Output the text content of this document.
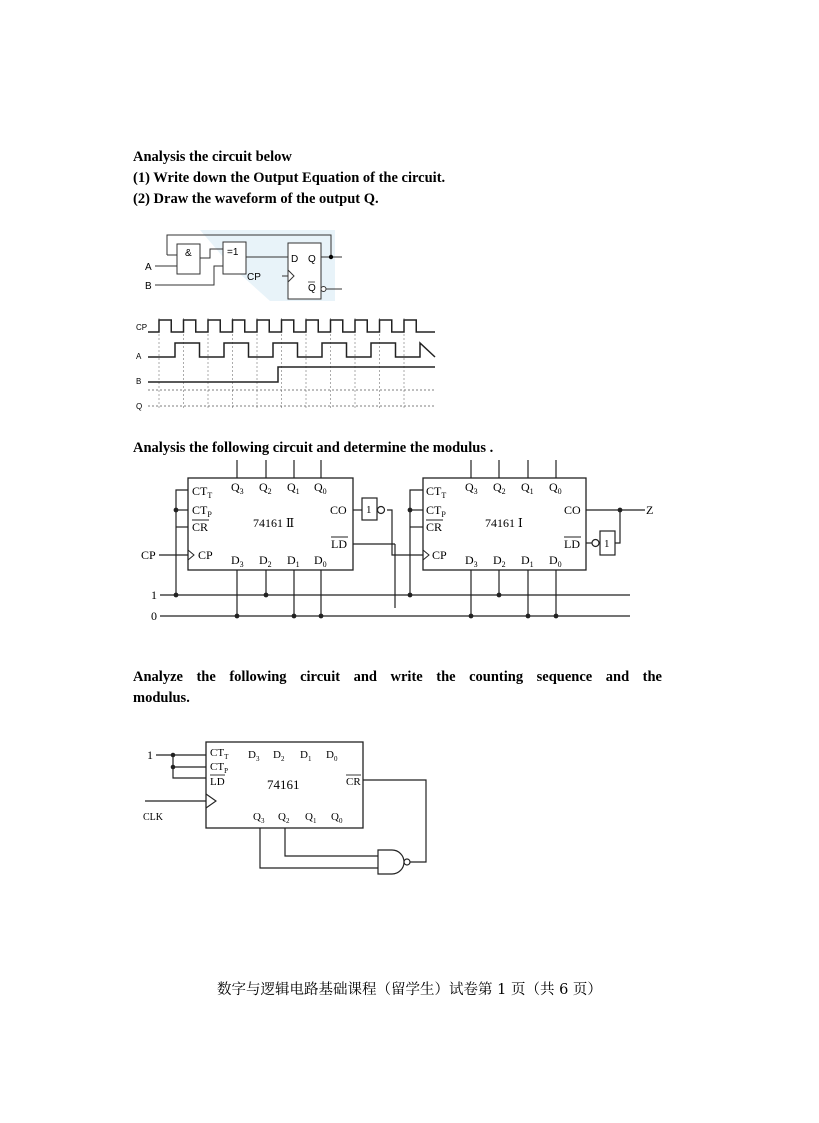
Analysis the circuit below
(1) Write down the Output Equation of the circuit.
(2) Draw the waveform of the output Q.
&	=1
D Q
Q
CP
A
B
CP
A
B
Q
Analysis the following circuit and determine the modulus .
$CT_T$
$CT_P$
CR
CP
74161 Ⅱ
CO
LD
$Q_3$ $Q_2$ $Q_1$ $Q_0$
$D_3$ $D_2$ $D_1$ $D_0$
$CT_T$
$CT_P$
CR
CP
74161 Ⅰ
CO
LD
$Q_3$ $Q_2$ $Q_1$ $Q_0$
$D_3$ $D_2$ $D_1$ $D_0$
1
1
CP
1
0
Z
Analyze the following circuit and write the counting sequence and the
modulus.
$CT_T$
$CT_P$
LD	CR
74161
$D_3$ $D_2$ $D_1$ $D_0$
$Q_3$ $Q_2$ $Q_1$ $Q_0$
1
CLK
数字与逻辑电路基础课程（留学生）试卷第 1 页（共 6 页）
